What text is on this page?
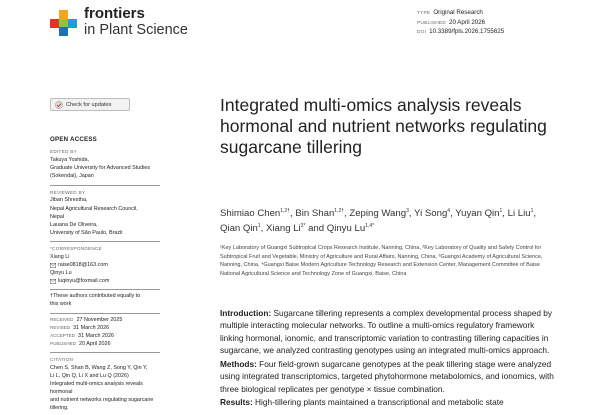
frontiers
in Plant Science
TYPE Original Research
PUBLISHED 20 April 2026
DOI 10.3389/fpls.2026.1755625
Check for updates
OPEN ACCESS
EDITED BY
Takuya Yoshida,
Graduate University for Advanced Studies
(Sokendai), Japan
REVIEWED BY
Jiban Shrestha,
Nepal Agricultural Research Council,
Nepal
Lauana De Oliveira,
University of São Paulo, Brazil
*CORRESPONDENCE
Xiang Li
raise0818@163.com
Qinyu Lu
luqinyu@foxmail.com
†These authors contributed equally to
this work
RECEIVED 27 November 2025
REVISED 31 March 2026
ACCEPTED 31 March 2026
PUBLISHED 20 April 2026
CITATION
Chen S, Shan B, Wang Z, Song Y, Qin Y,
Li L, Qin Q, Li X and Lu Q (2026)
Integrated multi-omics analysis reveals hormonal
and nutrient networks regulating sugarcane tillering.
Integrated multi-omics analysis reveals hormonal and nutrient networks regulating sugarcane tillering
Shimiao Chen$^{1,2\dagger}$, Bin Shan$^{1,2\dagger}$, Zeping Wang$^3$, Yi Song$^4$, Yuyan Qin$^1$, Li Liu$^1$, Qian Qin$^1$, Xiang $Li^{3*}$ and Qinyu $Lu^{1,4*}$
¹Key Laboratory of Guangxi Subtropical Crops Research Institute, Nanning, China, ²Key Laboratory of Quality and Safety Control for Subtropical Fruit and Vegetable, Ministry of Agriculture and Rural Affairs, Nanning, China, ³Guangxi Academy of Agricultural Science, Nanning, China, ⁴Guangxi Baise Modern Agriculture Technology Research and Extension Center, Management Committee of Baise National Agricultural Science and Technology Zone of Guangxi, Baise, China

Introduction: Sugarcane tillering represents a complex developmental process shaped by multiple interacting molecular networks. To outline a multi-omics regulatory framework linking hormonal, ionomic, and transcriptomic variation to contrasting tillering capacities in sugarcane, we analyzed contrasting genotypes using an integrated multi-omics approach.

Methods: Four field-grown sugarcane genotypes at the peak tillering stage were analyzed using integrated transcriptomics, targeted phytohormone metabolomics, and ionomics, with three biological replicates per genotype × tissue combination.

Results: High-tillering plants maintained a transcriptional and metabolic state
